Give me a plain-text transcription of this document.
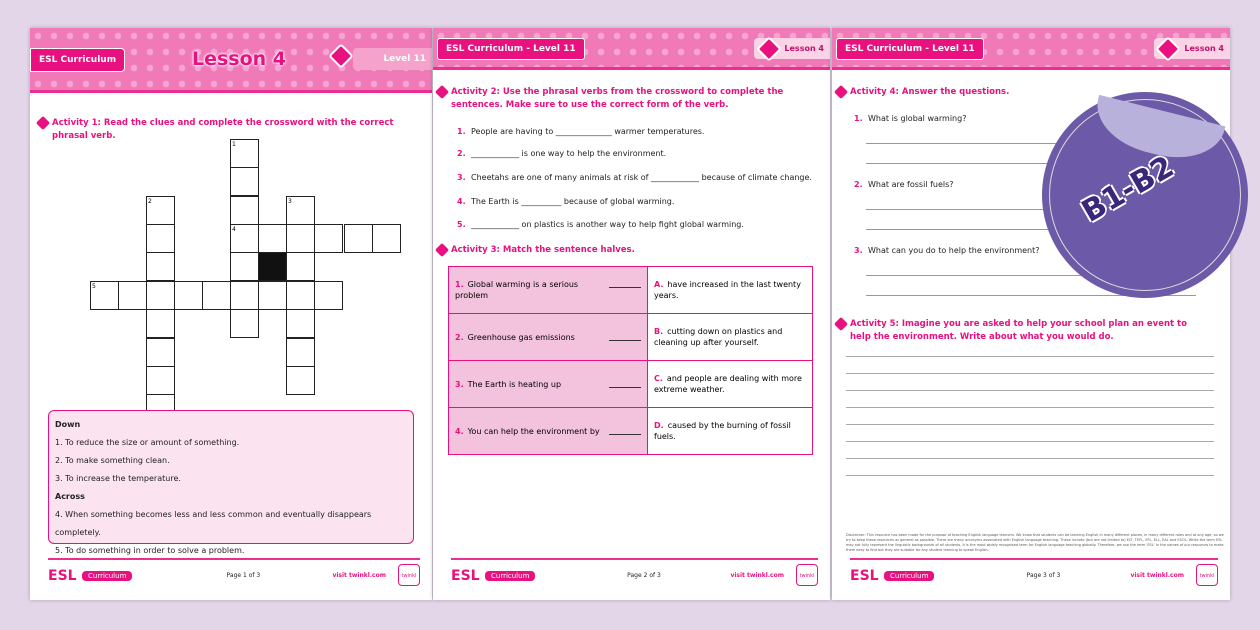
ESL Curriculum	Lesson 4	Level 11
Activity 1: Read the clues and complete the crossword with the correct phrasal verb.
1
4
2	3
5
Down
1. To reduce the size or amount of something.
2. To make something clean.
3. To increase the temperature.
Across
4. When something becomes less and less common and eventually disappears completely.
5. To do something in order to solve a problem.
ESL	Curriculum	Page 1 of 3	visit twinkl.com	twinkl
ESL Curriculum - Level 11	Lesson 4
Activity 2: Use the phrasal verbs from the crossword to complete the sentences. Make sure to use the correct form of the verb.
1. People are having to ______________ warmer temperatures.
2. ____________ is one way to help the environment.
3. Cheetahs are one of many animals at risk of ____________ because of climate change.
4. The Earth is __________ because of global warming.
5. ____________ on plastics is another way to help fight global warming.
Activity 3: Match the sentence halves.
1. Global warming is a serious problem	A. have increased in the last twenty years.

2. Greenhouse gas emissions	B. cutting down on plastics and cleaning up after yourself.

3. The Earth is heating up	C. and people are dealing with more extreme weather.

4. You can help the environment by	D. caused by the burning of fossil fuels.
ESL	Curriculum	Page 2 of 3	visit twinkl.com	twinkl
ESL Curriculum - Level 11	Lesson 4
Activity 4: Answer the questions.
1. What is global warming?
2. What are fossil fuels?
3. What can you do to help the environment?
Activity 5: Imagine you are asked to help your school plan an event to help the environment. Write about what you would do.
Disclaimer: This resource has been made for the purpose of teaching English language learners. We know that students can be learning English in many different places, in many different roles and at any age, so we try to keep these resources as general as possible. There are many acronyms associated with English language teaching. These include (but are not limited to) ELT, TEFL, EFL, ELL, EAL and ESOL. While the term ESL may not fully represent the linguistic backgrounds of all students, it is the most widely recognised term for English language teaching globally. Therefore, we use the term 'ESL' in the names of our resources to make them easy to find but they are suitable for any student learning to speak English.
ESL	Curriculum	Page 3 of 3	visit twinkl.com	twinkl
B1-B2
